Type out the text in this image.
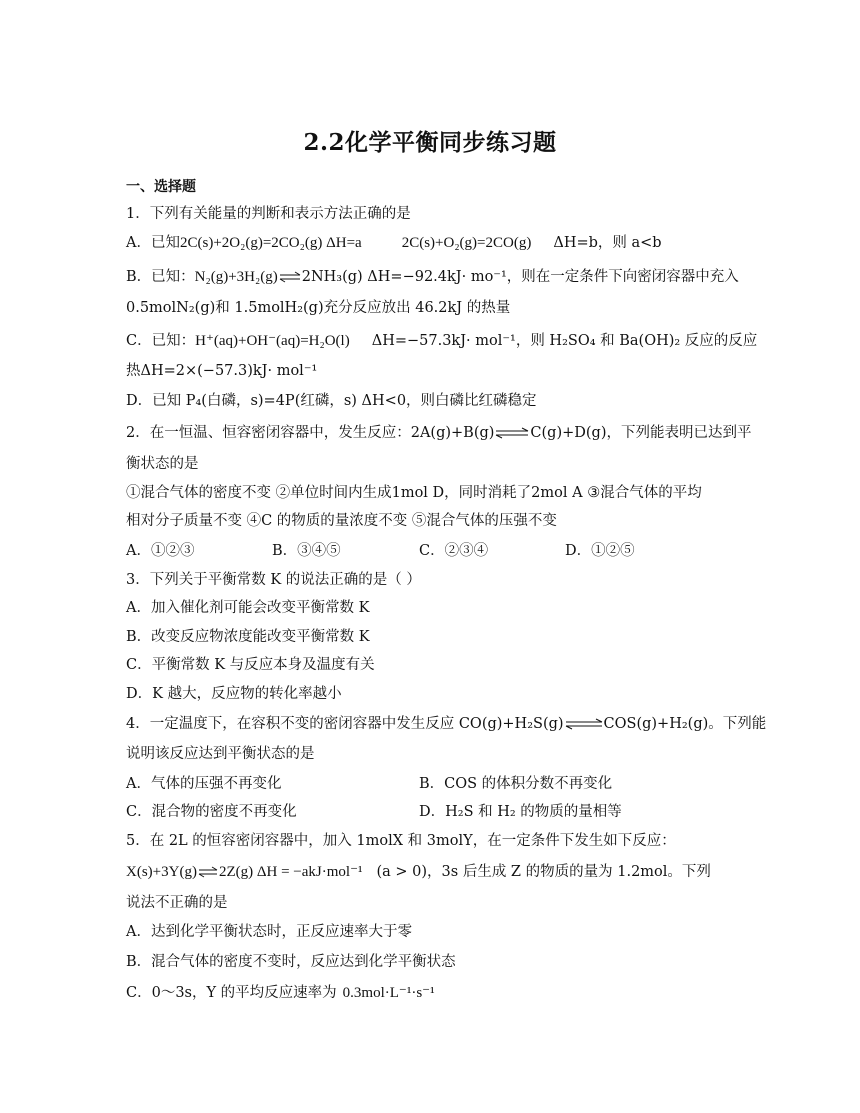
2.2化学平衡同步练习题
一、选择题
1．下列有关能量的判断和表示方法正确的是
A．已知2C(s)+2O₂(g)=2CO₂(g) ΔH=a	2C(s)+O₂(g)=2CO(g) ΔH=b，则 a<b
B．已知：N₂(g)+3H₂(g)⇌2NH₃(g) ΔH=−92.4kJ· mo⁻¹，则在一定条件下向密闭容器中充入
0.5molN₂(g)和 1.5molH₂(g)充分反应放出 46.2kJ 的热量
C．已知：H⁺(aq)+OH⁻(aq)=H₂O(l) ΔH=−57.3kJ· mol⁻¹，则 H₂SO₄ 和 Ba(OH)₂ 反应的反应
热ΔH=2×(−57.3)kJ· mol⁻¹
D．已知 P₄(白磷，s)=4P(红磷，s) ΔH<0，则白磷比红磷稳定
2．在一恒温、恒容密闭容器中，发生反应：2A(g)+B(g)⇌C(g)+D(g)，下列能表明已达到平
衡状态的是
①混合气体的密度不变 ②单位时间内生成1mol D，同时消耗了2mol A ③混合气体的平均
相对分子质量不变 ④C 的物质的量浓度不变 ⑤混合气体的压强不变
A．①②③	B．③④⑤	C．②③④	D．①②⑤
3．下列关于平衡常数 K 的说法正确的是（ ）
A．加入催化剂可能会改变平衡常数 K
B．改变反应物浓度能改变平衡常数 K
C．平衡常数 K 与反应本身及温度有关
D．K 越大，反应物的转化率越小
4．一定温度下，在容积不变的密闭容器中发生反应 CO(g)+H₂S(g)⇌COS(g)+H₂(g)。下列能
说明该反应达到平衡状态的是
A．气体的压强不再变化	B．COS 的体积分数不再变化
C．混合物的密度不再变化	D．H₂S 和 H₂ 的物质的量相等
5．在 2L 的恒容密闭容器中，加入 1molX 和 3molY，在一定条件下发生如下反应：
X(s)+3Y(g)⇌2Z(g) ΔH = −akJ·mol⁻¹ (a > 0)，3s 后生成 Z 的物质的量为 1.2mol。下列
说法不正确的是
A．达到化学平衡状态时，正反应速率大于零
B．混合气体的密度不变时，反应达到化学平衡状态
C．0～3s，Y 的平均反应速率为 0.3mol·L⁻¹·s⁻¹
